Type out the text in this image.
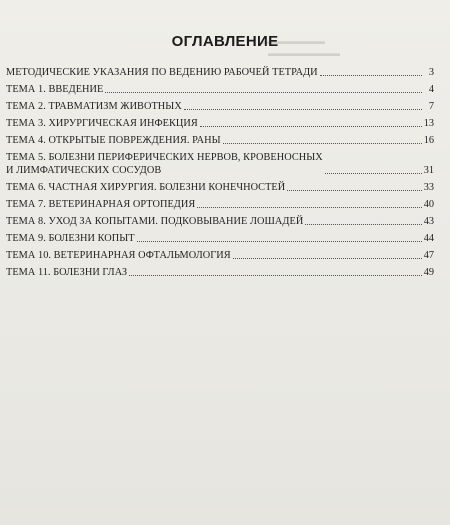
▬▬▬▬▬▬▬
▬▬▬▬▬▬▬▬
ОГЛАВЛЕНИЕ
МЕТОДИЧЕСКИЕ УКАЗАНИЯ ПО ВЕДЕНИЮ РАБОЧЕЙ ТЕТРАДИ	3
ТЕМА 1. ВВЕДЕНИЕ	4
ТЕМА 2. ТРАВМАТИЗМ ЖИВОТНЫХ	7
ТЕМА 3. ХИРУРГИЧЕСКАЯ ИНФЕКЦИЯ	13
ТЕМА 4. ОТКРЫТЫЕ ПОВРЕЖДЕНИЯ. РАНЫ	16
ТЕМА 5. БОЛЕЗНИ ПЕРИФЕРИЧЕСКИХ НЕРВОВ, КРОВЕНОСНЫХ
И ЛИМФАТИЧЕСКИХ СОСУДОВ	31
ТЕМА 6. ЧАСТНАЯ ХИРУРГИЯ. БОЛЕЗНИ КОНЕЧНОСТЕЙ	33
ТЕМА 7. ВЕТЕРИНАРНАЯ ОРТОПЕДИЯ	40
ТЕМА 8. УХОД ЗА КОПЫТАМИ. ПОДКОВЫВАНИЕ ЛОШАДЕЙ	43
ТЕМА 9. БОЛЕЗНИ КОПЫТ	44
ТЕМА 10. ВЕТЕРИНАРНАЯ ОФТАЛЬМОЛОГИЯ	47
ТЕМА 11. БОЛЕЗНИ ГЛАЗ	49
